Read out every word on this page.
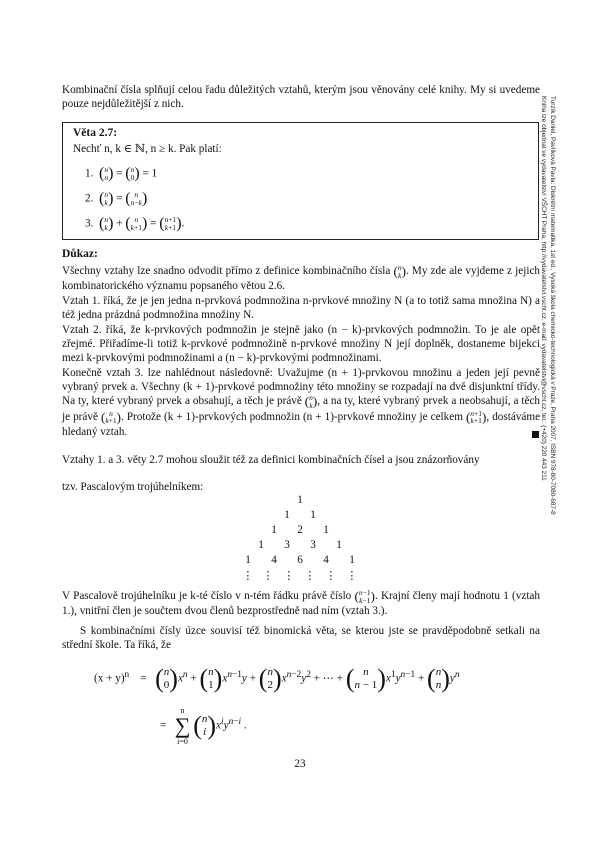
Kombinační čísla splňují celou řadu důležitých vztahů, kterým jsou věnovány celé knihy. My si uvedeme pouze nejdůležitější z nich.

Věta 2.7:
Nechť n, k ∈ ℕ, n ≥ k. Pak platí:
1. (n
n) = (n
0) = 1
2. (n
k) = ( n
n−k)
3. (n
k) + ( n
k+1) = (n+1
k+1).
Důkaz:

Všechny vztahy lze snadno odvodit přímo z definice kombinačního čísla (n
k). My zde ale vyjdeme z jejich kombinatorického významu popsaného větou 2.6.

Vztah 1. říká, že je jen jedna n-prvková podmnožina n-prvkové množiny N (a to totiž sama množina N) a též jedna prázdná podmnožina množiny N.

Vztah 2. říká, že k-prvkových podmnožin je stejně jako (n − k)-prvkových podmnožin. To je ale opět zřejmé. Přiřadíme-li totiž k-prvkové podmnožině n-prvkové množiny N její doplněk, dostaneme bijekci mezi k-prvkovými podmnožinami a (n − k)-prvkovými podmnožinami.

Konečně vztah 3. lze nahlédnout následovně: Uvažujme (n + 1)-prvkovou množinu a jeden její pevně vybraný prvek a. Všechny (k + 1)-prvkové podmnožiny této množiny se rozpadají na dvě disjunktní třídy. Na ty, které vybraný prvek a obsahují, a těch je právě (n
k), a na ty, které vybraný prvek a neobsahují, a těch je právě ( n
k+1). Protože (k + 1)-prvkových podmnožin (n + 1)-prvkové množiny je celkem (n+1
k+1), dostáváme hledaný vztah.

Vztahy 1. a 3. věty 2.7 mohou sloužit též za definici kombinačních čísel a jsou znázorňovány

tzv. Pascalovým trojúhelníkem:

1
1	1
1	2	1
1	3	3	1
1	4	6	4	1
⋮ ⋮ ⋮ ⋮ ⋮ ⋮

V Pascalově trojúhelníku je k-té číslo v n-tém řádku právě číslo (n−1
k−1). Krajní členy mají hodnotu 1 (vztah 1.), vnitřní člen je součtem dvou členů bezprostředně nad ním (vztah 3.).

S kombinačními čísly úzce souvisí též binomická věta, se kterou jste se pravděpodobně setkali na střední škole. Ta říká, že

$(x + y)^n = (n$
$0)x^n + (n$
$1)x^{n-1}y + (n$
$2)x^{n-2}y^2$ + ⋯ + ( n
$n - 1)x^1y^{n-1} + (n$
$n)y^n$
=   n
∑
i=0 (n
$i)x^iy^{n-i}$ .
23
Turzík Daniel, Pavlíková Pavla: Diskrétní matematika, 1st ed., Vysoká škola chemicko-technologická v Praze, Praha 2007, ISBN 978-80-7080-687-8
Kniha lze objednat ve vydavatelství VŠCHT Praha, http://vydavatelstvi.vscht.cz, e-mail: vydavatelstvi@vscht.cz, tel.: (+420) 220 443 211
